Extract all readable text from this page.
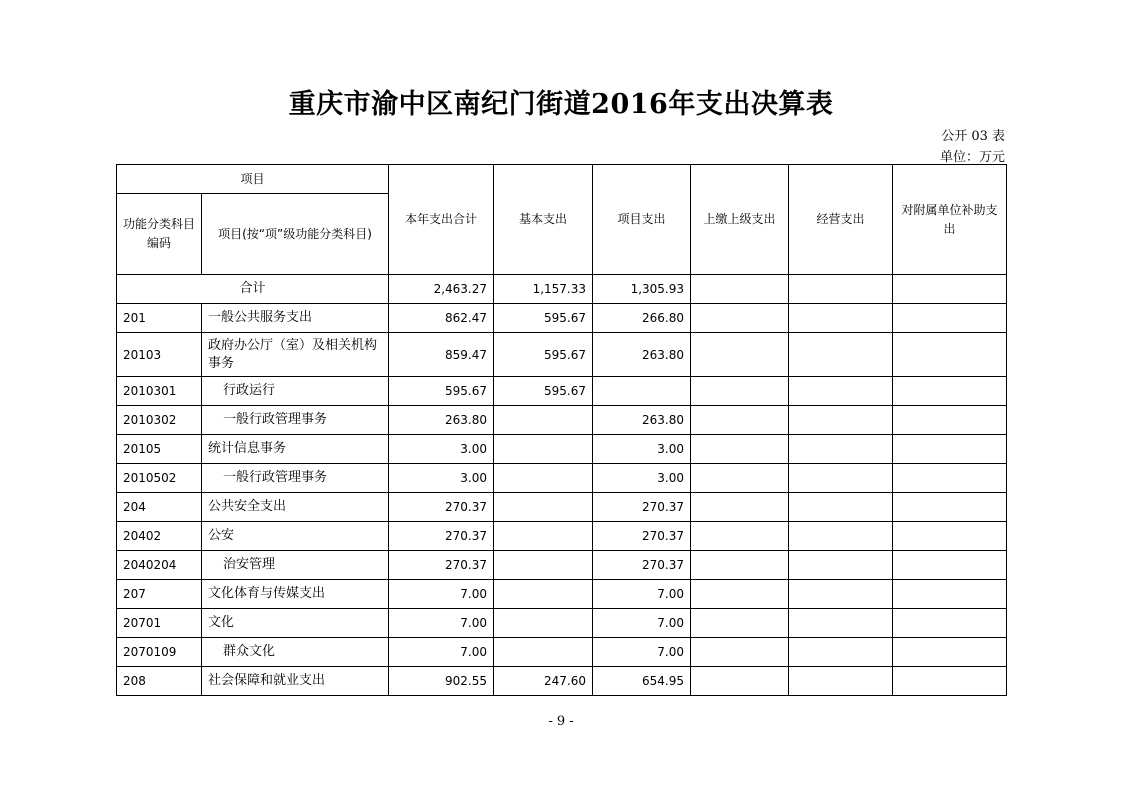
重庆市渝中区南纪门街道2016年支出决算表
公开 03 表
单位：万元
项目		本年支出合计	基本支出	项目支出	上缴上级支出	经营支出	对附属单位补助支出
功能分类科目编码	项目(按“项”级功能分类科目)						
合计		2,463.27	1,157.33	1,305.93			
201	一般公共服务支出	862.47	595.67	266.80			
20103	政府办公厅（室）及相关机构事务	859.47	595.67	263.80			
2010301	行政运行	595.67	595.67				
2010302	一般行政管理事务	263.80		263.80			
20105	统计信息事务	3.00		3.00			
2010502	一般行政管理事务	3.00		3.00			
204	公共安全支出	270.37		270.37			
20402	公安	270.37		270.37			
2040204	治安管理	270.37		270.37			
207	文化体育与传媒支出	7.00		7.00			
20701	文化	7.00		7.00			
2070109	群众文化	7.00		7.00			
208	社会保障和就业支出	902.55	247.60	654.95			
- 9 -
